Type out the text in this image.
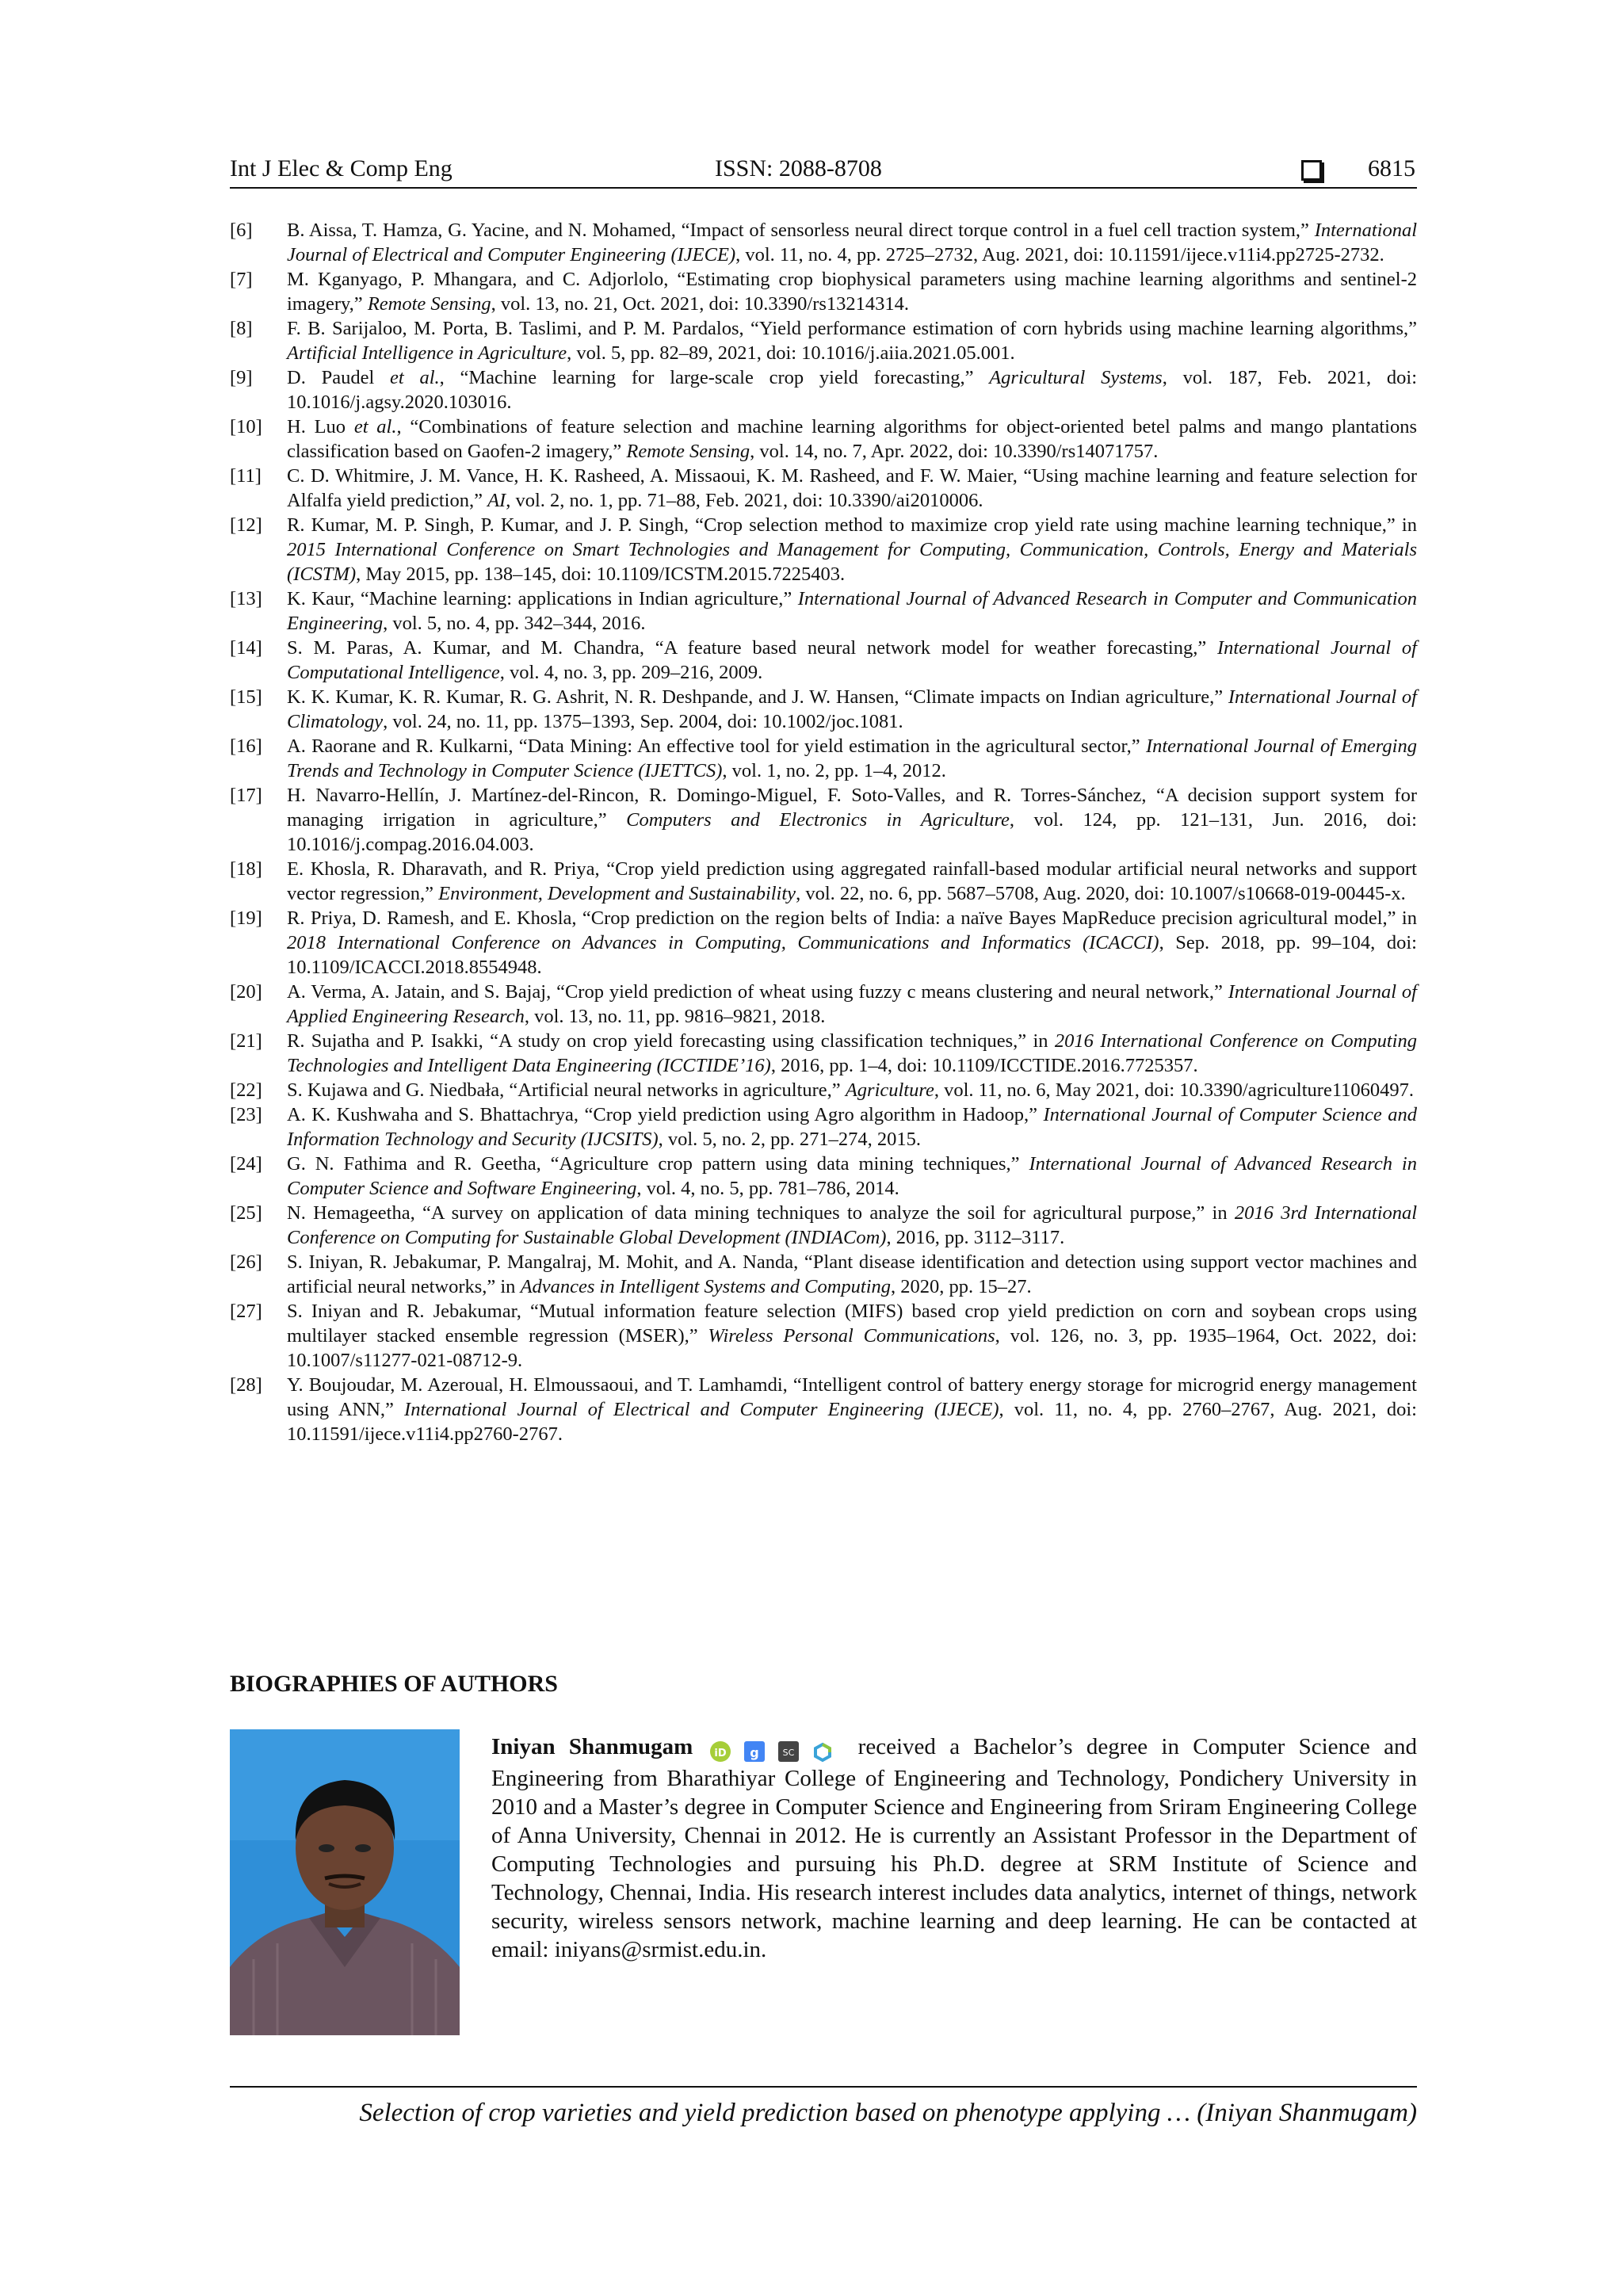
Int J Elec & Comp Eng	ISSN: 2088-8708	6815
[6]	B. Aissa, T. Hamza, G. Yacine, and N. Mohamed, “Impact of sensorless neural direct torque control in a fuel cell traction system,” International Journal of Electrical and Computer Engineering (IJECE), vol. 11, no. 4, pp. 2725–2732, Aug. 2021, doi: 10.11591/ijece.v11i4.pp2725-2732.
[7]	M. Kganyago, P. Mhangara, and C. Adjorlolo, “Estimating crop biophysical parameters using machine learning algorithms and sentinel-2 imagery,” Remote Sensing, vol. 13, no. 21, Oct. 2021, doi: 10.3390/rs13214314.
[8]	F. B. Sarijaloo, M. Porta, B. Taslimi, and P. M. Pardalos, “Yield performance estimation of corn hybrids using machine learning algorithms,” Artificial Intelligence in Agriculture, vol. 5, pp. 82–89, 2021, doi: 10.1016/j.aiia.2021.05.001.
[9]	D. Paudel et al., “Machine learning for large-scale crop yield forecasting,” Agricultural Systems, vol. 187, Feb. 2021, doi: 10.1016/j.agsy.2020.103016.
[10]	H. Luo et al., “Combinations of feature selection and machine learning algorithms for object-oriented betel palms and mango plantations classification based on Gaofen-2 imagery,” Remote Sensing, vol. 14, no. 7, Apr. 2022, doi: 10.3390/rs14071757.
[11]	C. D. Whitmire, J. M. Vance, H. K. Rasheed, A. Missaoui, K. M. Rasheed, and F. W. Maier, “Using machine learning and feature selection for Alfalfa yield prediction,” AI, vol. 2, no. 1, pp. 71–88, Feb. 2021, doi: 10.3390/ai2010006.
[12]	R. Kumar, M. P. Singh, P. Kumar, and J. P. Singh, “Crop selection method to maximize crop yield rate using machine learning technique,” in 2015 International Conference on Smart Technologies and Management for Computing, Communication, Controls, Energy and Materials (ICSTM), May 2015, pp. 138–145, doi: 10.1109/ICSTM.2015.7225403.
[13]	K. Kaur, “Machine learning: applications in Indian agriculture,” International Journal of Advanced Research in Computer and Communication Engineering, vol. 5, no. 4, pp. 342–344, 2016.
[14]	S. M. Paras, A. Kumar, and M. Chandra, “A feature based neural network model for weather forecasting,” International Journal of Computational Intelligence, vol. 4, no. 3, pp. 209–216, 2009.
[15]	K. K. Kumar, K. R. Kumar, R. G. Ashrit, N. R. Deshpande, and J. W. Hansen, “Climate impacts on Indian agriculture,” International Journal of Climatology, vol. 24, no. 11, pp. 1375–1393, Sep. 2004, doi: 10.1002/joc.1081.
[16]	A. Raorane and R. Kulkarni, “Data Mining: An effective tool for yield estimation in the agricultural sector,” International Journal of Emerging Trends and Technology in Computer Science (IJETTCS), vol. 1, no. 2, pp. 1–4, 2012.
[17]	H. Navarro-Hellín, J. Martínez-del-Rincon, R. Domingo-Miguel, F. Soto-Valles, and R. Torres-Sánchez, “A decision support system for managing irrigation in agriculture,” Computers and Electronics in Agriculture, vol. 124, pp. 121–131, Jun. 2016, doi: 10.1016/j.compag.2016.04.003.
[18]	E. Khosla, R. Dharavath, and R. Priya, “Crop yield prediction using aggregated rainfall-based modular artificial neural networks and support vector regression,” Environment, Development and Sustainability, vol. 22, no. 6, pp. 5687–5708, Aug. 2020, doi: 10.1007/s10668-019-00445-x.
[19]	R. Priya, D. Ramesh, and E. Khosla, “Crop prediction on the region belts of India: a naïve Bayes MapReduce precision agricultural model,” in 2018 International Conference on Advances in Computing, Communications and Informatics (ICACCI), Sep. 2018, pp. 99–104, doi: 10.1109/ICACCI.2018.8554948.
[20]	A. Verma, A. Jatain, and S. Bajaj, “Crop yield prediction of wheat using fuzzy c means clustering and neural network,” International Journal of Applied Engineering Research, vol. 13, no. 11, pp. 9816–9821, 2018.
[21]	R. Sujatha and P. Isakki, “A study on crop yield forecasting using classification techniques,” in 2016 International Conference on Computing Technologies and Intelligent Data Engineering (ICCTIDE’16), 2016, pp. 1–4, doi: 10.1109/ICCTIDE.2016.7725357.
[22]	S. Kujawa and G. Niedbała, “Artificial neural networks in agriculture,” Agriculture, vol. 11, no. 6, May 2021, doi: 10.3390/agriculture11060497.
[23]	A. K. Kushwaha and S. Bhattachrya, “Crop yield prediction using Agro algorithm in Hadoop,” International Journal of Computer Science and Information Technology and Security (IJCSITS), vol. 5, no. 2, pp. 271–274, 2015.
[24]	G. N. Fathima and R. Geetha, “Agriculture crop pattern using data mining techniques,” International Journal of Advanced Research in Computer Science and Software Engineering, vol. 4, no. 5, pp. 781–786, 2014.
[25]	N. Hemageetha, “A survey on application of data mining techniques to analyze the soil for agricultural purpose,” in 2016 3rd International Conference on Computing for Sustainable Global Development (INDIACom), 2016, pp. 3112–3117.
[26]	S. Iniyan, R. Jebakumar, P. Mangalraj, M. Mohit, and A. Nanda, “Plant disease identification and detection using support vector machines and artificial neural networks,” in Advances in Intelligent Systems and Computing, 2020, pp. 15–27.
[27]	S. Iniyan and R. Jebakumar, “Mutual information feature selection (MIFS) based crop yield prediction on corn and soybean crops using multilayer stacked ensemble regression (MSER),” Wireless Personal Communications, vol. 126, no. 3, pp. 1935–1964, Oct. 2022, doi: 10.1007/s11277-021-08712-9.
[28]	Y. Boujoudar, M. Azeroual, H. Elmoussaoui, and T. Lamhamdi, “Intelligent control of battery energy storage for microgrid energy management using ANN,” International Journal of Electrical and Computer Engineering (IJECE), vol. 11, no. 4, pp. 2760–2767, Aug. 2021, doi: 10.11591/ijece.v11i4.pp2760-2767.
BIOGRAPHIES OF AUTHORS
Iniyan Shanmugam iD
g
	SC	received a Bachelor’s degree in Computer Science and Engineering from Bharathiyar College of Engineering and Technology, Pondichery University in 2010 and a Master’s degree in Computer Science and Engineering from Sriram Engineering College of Anna University, Chennai in 2012. He is currently an Assistant Professor in the Department of Computing Technologies and pursuing his Ph.D. degree at SRM Institute of Science and Technology, Chennai, India. His research interest includes data analytics, internet of things, network security, wireless sensors network, machine learning and deep learning. He can be contacted at email: iniyans@srmist.edu.in.
Selection of crop varieties and yield prediction based on phenotype applying … (Iniyan Shanmugam)
